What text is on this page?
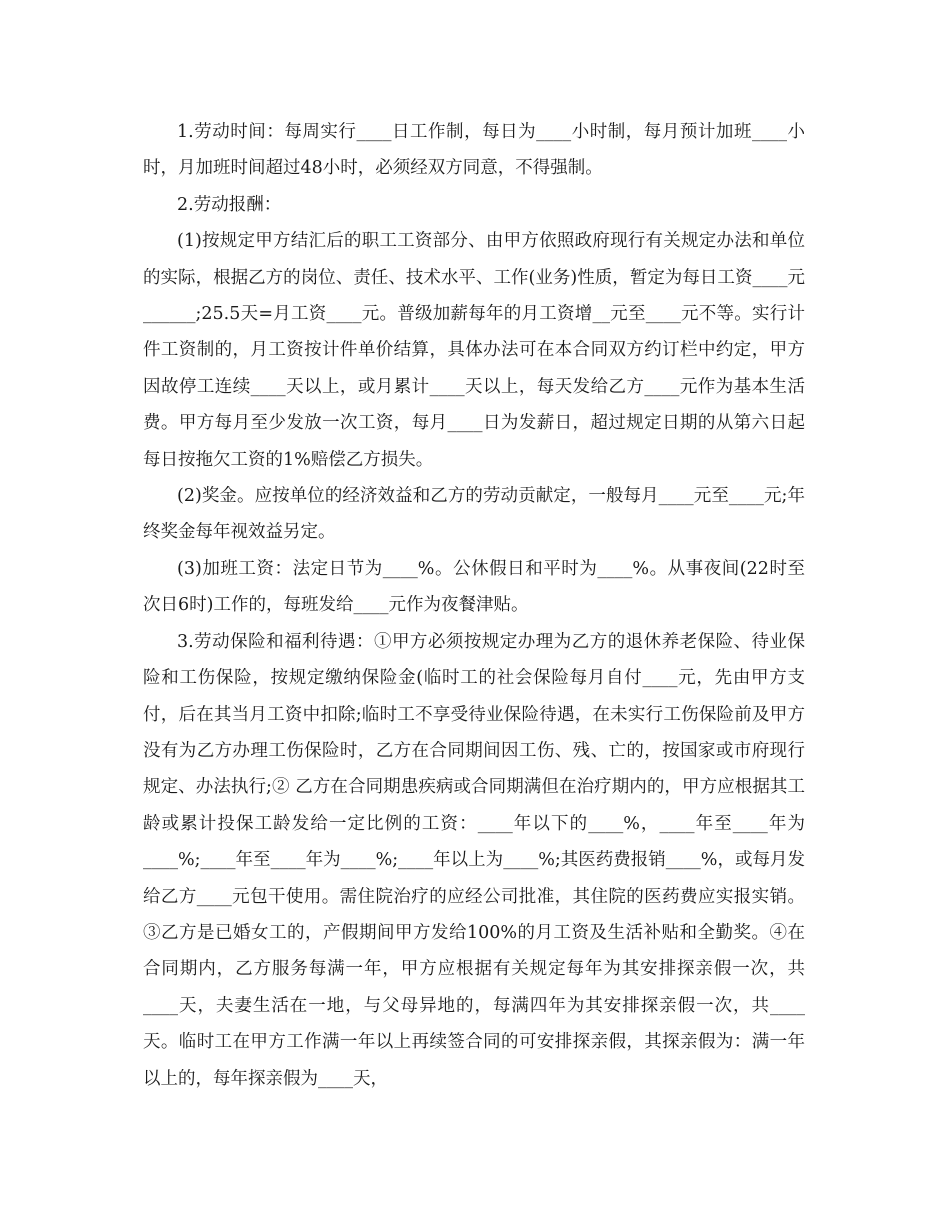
1.劳动时间：每周实行____日工作制，每日为____小时制，每月预计加班____小时，月加班时间超过48小时，必须经双方同意，不得强制。

2.劳动报酬：

(1)按规定甲方结汇后的职工工资部分、由甲方依照政府现行有关规定办法和单位的实际，根据乙方的岗位、责任、技术水平、工作(业务)性质，暂定为每日工资____元______;25.5天=月工资____元。普级加薪每年的月工资增__元至____元不等。实行计件工资制的，月工资按计件单价结算，具体办法可在本合同双方约订栏中约定，甲方因故停工连续____天以上，或月累计____天以上，每天发给乙方____元作为基本生活费。甲方每月至少发放一次工资，每月____日为发薪日，超过规定日期的从第六日起每日按拖欠工资的1%赔偿乙方损失。

(2)奖金。应按单位的经济效益和乙方的劳动贡献定，一般每月____元至____元;年终奖金每年视效益另定。

(3)加班工资：法定日节为____%。公休假日和平时为____%。从事夜间(22时至次日6时)工作的，每班发给____元作为夜餐津贴。

3.劳动保险和福利待遇：①甲方必须按规定办理为乙方的退休养老保险、待业保险和工伤保险，按规定缴纳保险金(临时工的社会保险每月自付____元，先由甲方支付，后在其当月工资中扣除;临时工不享受待业保险待遇，在未实行工伤保险前及甲方没有为乙方办理工伤保险时，乙方在合同期间因工伤、残、亡的，按国家或市府现行规定、办法执行;② 乙方在合同期患疾病或合同期满但在治疗期内的，甲方应根据其工龄或累计投保工龄发给一定比例的工资：____年以下的____%，____年至____年为____%;____年至____年为____%;____年以上为____%;其医药费报销____%，或每月发给乙方____元包干使用。需住院治疗的应经公司批准，其住院的医药费应实报实销。③乙方是已婚女工的，产假期间甲方发给100%的月工资及生活补贴和全勤奖。④在合同期内，乙方服务每满一年，甲方应根据有关规定每年为其安排探亲假一次，共____天，夫妻生活在一地，与父母异地的，每满四年为其安排探亲假一次，共____天。临时工在甲方工作满一年以上再续签合同的可安排探亲假，其探亲假为：满一年以上的，每年探亲假为____天，
